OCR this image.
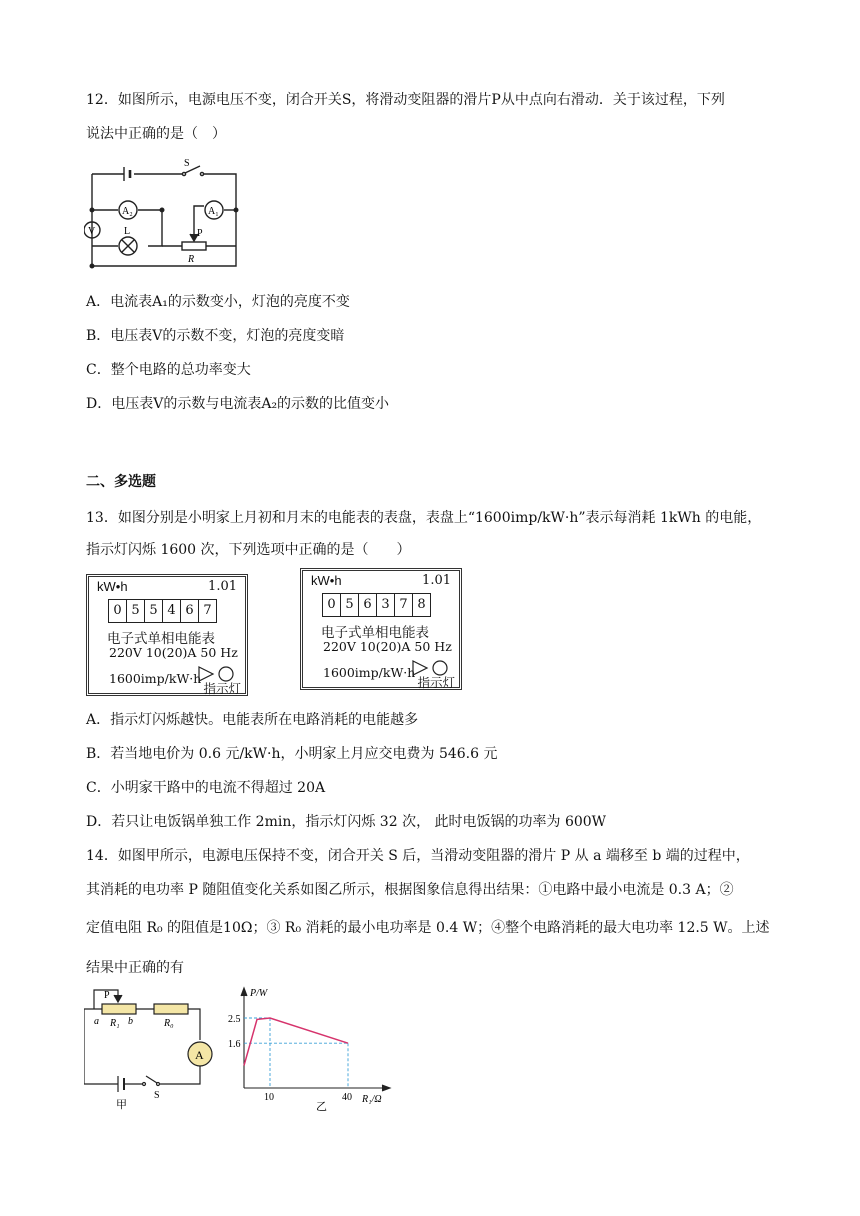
12．如图所示，电源电压不变，闭合开关S，将滑动变阻器的滑片P从中点向右滑动．关于该过程，下列
说法中正确的是（　）
S
A₂	A₁
V	L	P
R
A．电流表A₁的示数变小，灯泡的亮度不变
B．电压表V的示数不变，灯泡的亮度变暗
C．整个电路的总功率变大
D．电压表V的示数与电流表A₂的示数的比值变小
二、多选题
13．如图分别是小明家上月初和月末的电能表的表盘，表盘上“1600imp/kW·h”表示每消耗 1kWh 的电能，
指示灯闪烁 1600 次，下列选项中正确的是（　　）
kW•h	1.01
0 5 5 4 6 7
电子式单相电能表
220V 10(20)A 50 Hz
1600imp/kW·h
指示灯
kW•h	1.01
0 5 6 3 7 8
电子式单相电能表
220V 10(20)A 50 Hz
1600imp/kW·h
指示灯
A．指示灯闪烁越快。电能表所在电路消耗的电能越多
B．若当地电价为 0.6 元/kW·h，小明家上月应交电费为 546.6 元
C．小明家干路中的电流不得超过 20A
D．若只让电饭锅单独工作 2min，指示灯闪烁 32 次， 此时电饭锅的功率为 600W
14．如图甲所示，电源电压保持不变，闭合开关 S 后，当滑动变阻器的滑片 P 从 a 端移至 b 端的过程中，
其消耗的电功率 P 随阻值变化关系如图乙所示，根据图象信息得出结果：①电路中最小电流是 0.3 A；②
定值电阻 R₀ 的阻值是10Ω；③ R₀ 消耗的最小电功率是 0.4 W；④整个电路消耗的最大电功率 12.5 W。上述
结果中正确的有
P
a R₁ b	R₀
A
S
甲
P/W
2.5
1.6
10	40 R₁/Ω
乙
